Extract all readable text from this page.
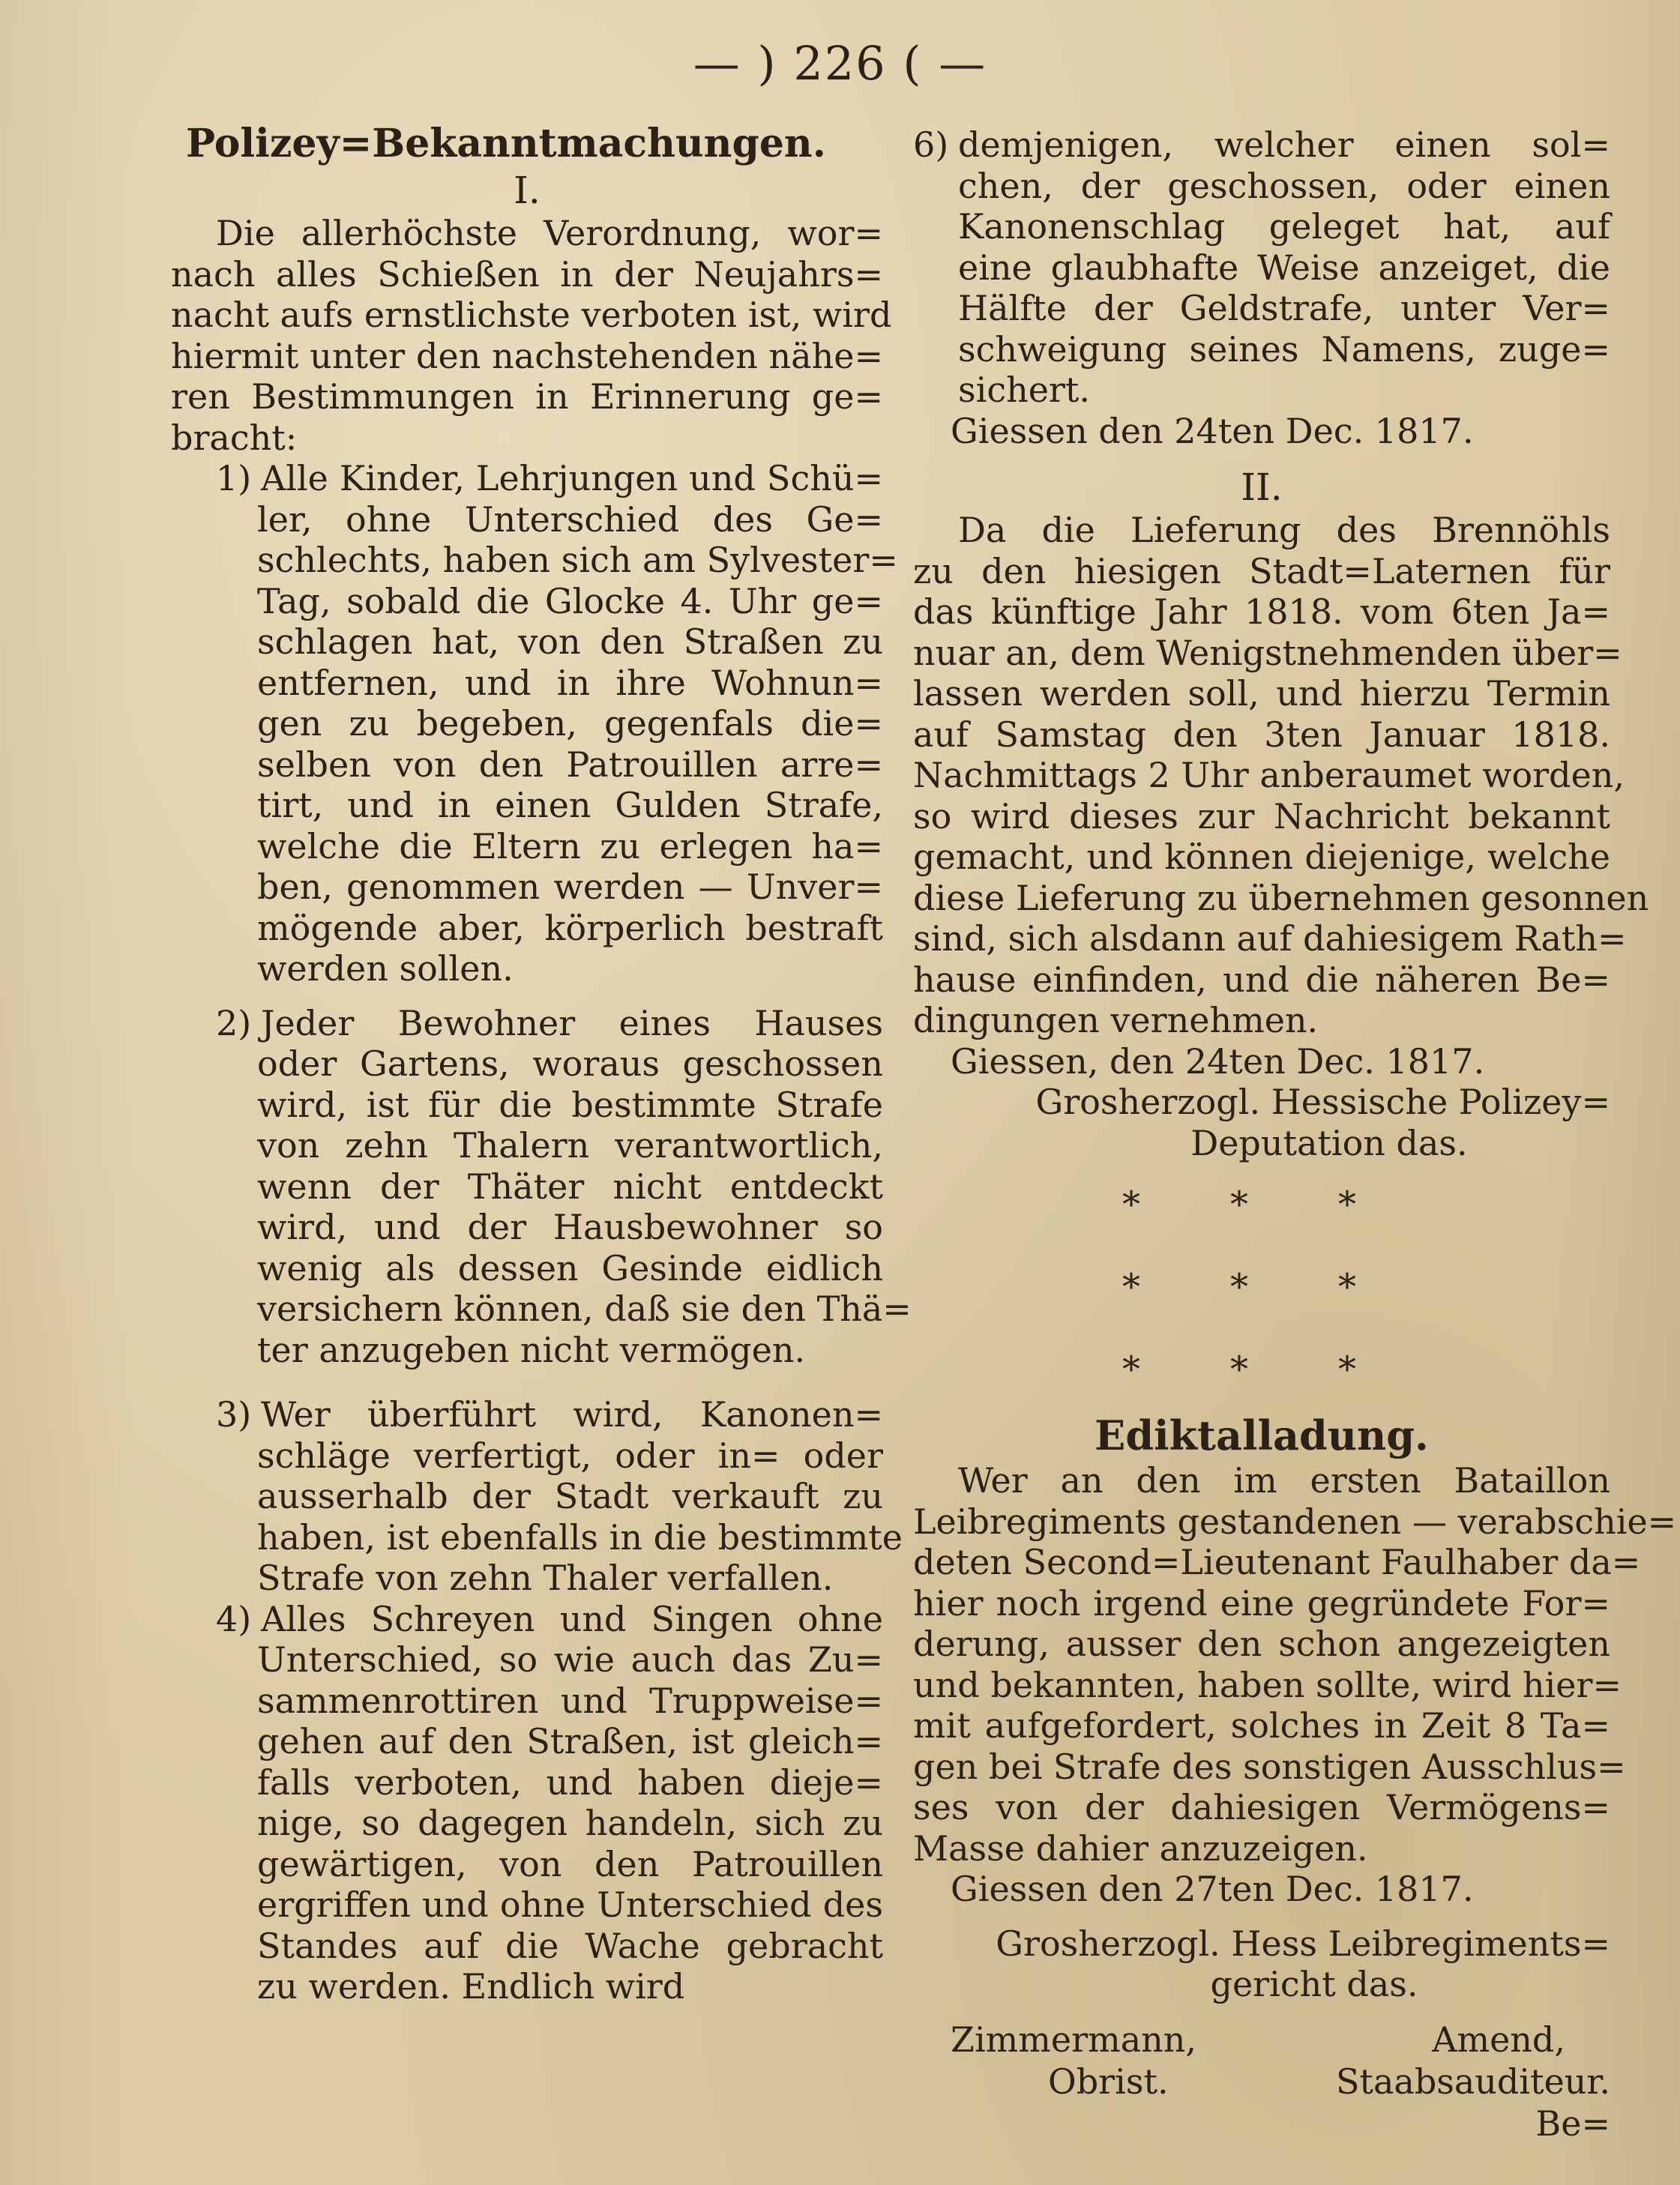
— ) 226 ( —
Polizey=Bekanntmachungen.
I.
Die allerhöchste Verordnung, wor=
nach alles Schießen in der Neujahrs=
nacht aufs ernstlichste verboten ist, wird
hiermit unter den nachstehenden nähe=
ren Bestimmungen in Erinnerung ge=
bracht:
1) Alle Kinder, Lehrjungen und Schü=
ler, ohne Unterschied des Ge=
schlechts, haben sich am Sylvester=
Tag, sobald die Glocke 4. Uhr ge=
schlagen hat, von den Straßen zu
entfernen, und in ihre Wohnun=
gen zu begeben, gegenfals die=
selben von den Patrouillen arre=
tirt, und in einen Gulden Strafe,
welche die Eltern zu erlegen ha=
ben, genommen werden — Unver=
mögende aber, körperlich bestraft
werden sollen.
2) Jeder Bewohner eines Hauses
oder Gartens, woraus geschossen
wird, ist für die bestimmte Strafe
von zehn Thalern verantwortlich,
wenn der Thäter nicht entdeckt
wird, und der Hausbewohner so
wenig als dessen Gesinde eidlich
versichern können, daß sie den Thä=
ter anzugeben nicht vermögen.
3) Wer überführt wird, Kanonen=
schläge verfertigt, oder in= oder
ausserhalb der Stadt verkauft zu
haben, ist ebenfalls in die bestimmte
Strafe von zehn Thaler verfallen.
4) Alles Schreyen und Singen ohne
Unterschied, so wie auch das Zu=
sammenrottiren und Truppweise=
gehen auf den Straßen, ist gleich=
falls verboten, und haben dieje=
nige, so dagegen handeln, sich zu
gewärtigen, von den Patrouillen
ergriffen und ohne Unterschied des
Standes auf die Wache gebracht
zu werden. Endlich wird
6) demjenigen, welcher einen sol=
chen, der geschossen, oder einen
Kanonenschlag geleget hat, auf
eine glaubhafte Weise anzeiget, die
Hälfte der Geldstrafe, unter Ver=
schweigung seines Namens, zuge=
sichert.
Giessen den 24ten Dec. 1817.
II.
Da die Lieferung des Brennöhls
zu den hiesigen Stadt=Laternen für
das künftige Jahr 1818. vom 6ten Ja=
nuar an, dem Wenigstnehmenden über=
lassen werden soll, und hierzu Termin
auf Samstag den 3ten Januar 1818.
Nachmittags 2 Uhr anberaumet worden,
so wird dieses zur Nachricht bekannt
gemacht, und können diejenige, welche
diese Lieferung zu übernehmen gesonnen
sind, sich alsdann auf dahiesigem Rath=
hause einfinden, und die näheren Be=
dingungen vernehmen.
Giessen, den 24ten Dec. 1817.
Grosherzogl. Hessische Polizey=
Deputation das.
*** *** ***
Ediktalladung.
Wer an den im ersten Bataillon
Leibregiments gestandenen — verabschie=
deten Second=Lieutenant Faulhaber da=
hier noch irgend eine gegründete For=
derung, ausser den schon angezeigten
und bekannten, haben sollte, wird hier=
mit aufgefordert, solches in Zeit 8 Ta=
gen bei Strafe des sonstigen Ausschlus=
ses von der dahiesigen Vermögens=
Masse dahier anzuzeigen.
Giessen den 27ten Dec. 1817.
Grosherzogl. Hess Leibregiments=
gericht das.
Zimmermann,	Amend,
Obrist.	Staabsauditeur.
Be=
